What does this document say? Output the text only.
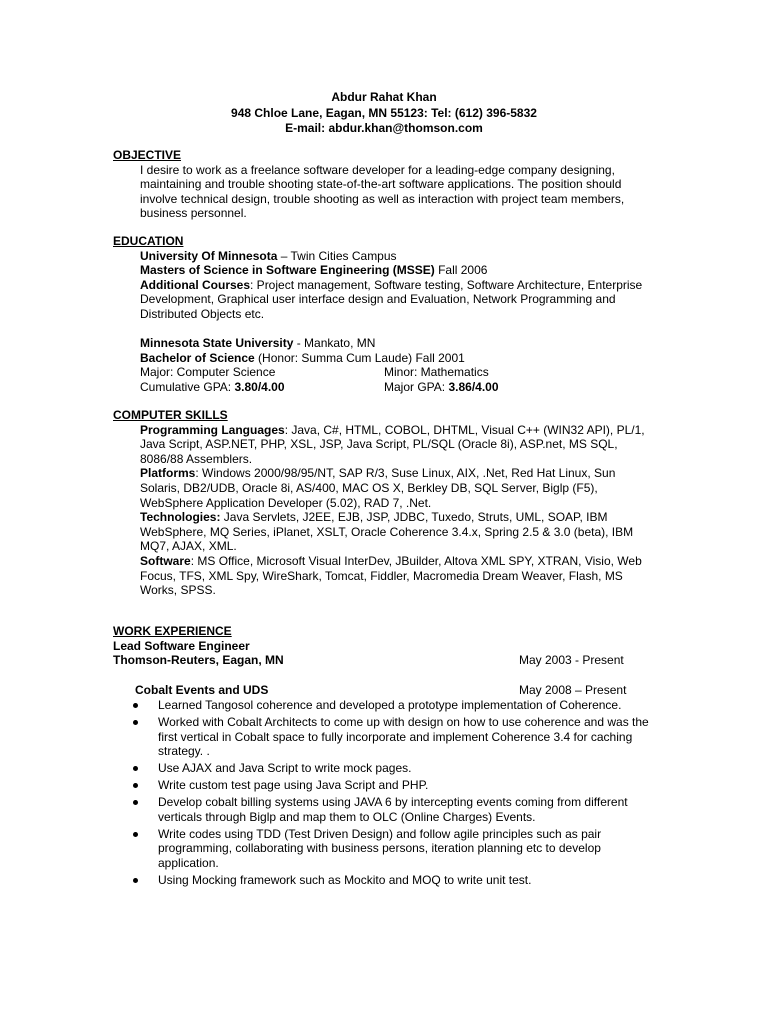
Abdur Rahat Khan
948 Chloe Lane, Eagan, MN 55123: Tel: (612) 396-5832
E-mail: abdur.khan@thomson.com
OBJECTIVE

I desire to work as a freelance software developer for a leading-edge company designing, maintaining and trouble shooting state-of-the-art software applications. The position should involve technical design, trouble shooting as well as interaction with project team members, business personnel.

EDUCATION

University Of Minnesota – Twin Cities Campus

Masters of Science in Software Engineering (MSSE) Fall 2006

Additional Courses: Project management, Software testing, Software Architecture, Enterprise Development, Graphical user interface design and Evaluation, Network Programming and Distributed Objects etc.

Minnesota State University - Mankato, MN

Bachelor of Science (Honor: Summa Cum Laude) Fall 2001

Major: Computer Science	Minor: Mathematics
Cumulative GPA: 3.80/4.00	Major GPA: 3.86/4.00
COMPUTER SKILLS

Programming Languages: Java, C#, HTML, COBOL, DHTML, Visual C++ (WIN32 API), PL/1, Java Script, ASP.NET, PHP, XSL, JSP, Java Script, PL/SQL (Oracle 8i), ASP.net, MS SQL, 8086/88 Assemblers.

Platforms: Windows 2000/98/95/NT, SAP R/3, Suse Linux, AIX, .Net, Red Hat Linux, Sun Solaris, DB2/UDB, Oracle 8i, AS/400, MAC OS X, Berkley DB, SQL Server, Biglp (F5), WebSphere Application Developer (5.02), RAD 7, .Net.

Technologies: Java Servlets, J2EE, EJB, JSP, JDBC, Tuxedo, Struts, UML, SOAP, IBM WebSphere, MQ Series, iPlanet, XSLT, Oracle Coherence 3.4.x, Spring 2.5 & 3.0 (beta), IBM MQ7, AJAX, XML.

Software: MS Office, Microsoft Visual InterDev, JBuilder, Altova XML SPY, XTRAN, Visio, Web Focus, TFS, XML Spy, WireShark, Tomcat, Fiddler, Macromedia Dream Weaver, Flash, MS Works, SPSS.

WORK EXPERIENCE

Lead Software Engineer

Thomson-Reuters, Eagan, MN	May 2003 - Present
Cobalt Events and UDS	May 2008 – Present
Learned Tangosol coherence and developed a prototype implementation of Coherence.
Worked with Cobalt Architects to come up with design on how to use coherence and was the first vertical in Cobalt space to fully incorporate and implement Coherence 3.4 for caching strategy. .
Use AJAX and Java Script to write mock pages.
Write custom test page using Java Script and PHP.
Develop cobalt billing systems using JAVA 6 by intercepting events coming from different verticals through Biglp and map them to OLC (Online Charges) Events.
Write codes using TDD (Test Driven Design) and follow agile principles such as pair programming, collaborating with business persons, iteration planning etc to develop application.
Using Mocking framework such as Mockito and MOQ to write unit test.
